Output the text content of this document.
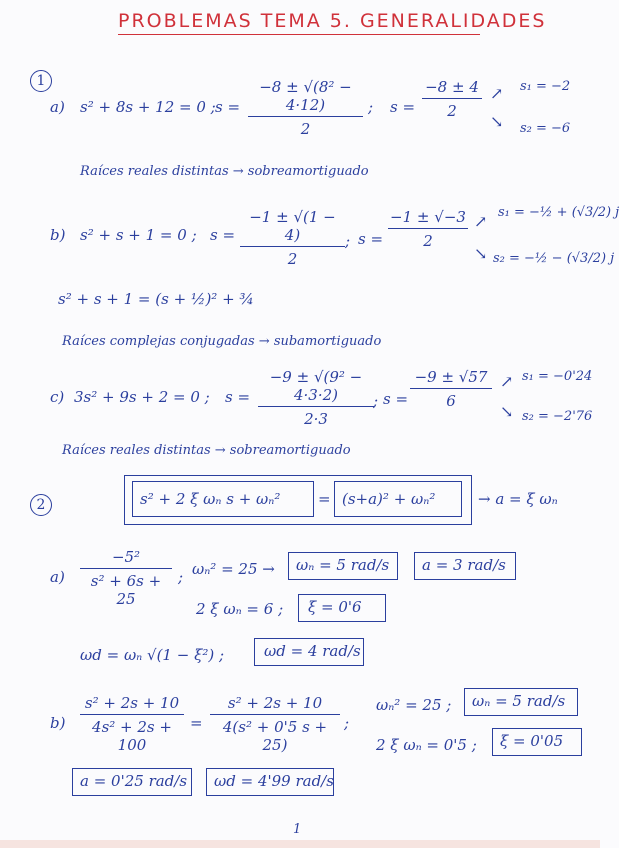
PROBLEMAS TEMA 5. GENERALIDADES
1
a) s² + 8s + 12 = 0 ; s =
−8 ± √(8² − 4·12)
2
; s =
−8 ± 4
2
↗
↘
s₁ = −2
s₂ = −6
Raíces reales distintas → sobreamortiguado
b) s² + s + 1 = 0 ; s =
−1 ± √(1 − 4)
2
; s =
−1 ± √−3
2
↗
↘
s₁ = −½ + (√3/2) j
s₂ = −½ − (√3/2) j
s² + s + 1 = (s + ½)² + ¾
Raíces complejas conjugadas → subamortiguado
c) 3s² + 9s + 2 = 0 ; s =
−9 ± √(9² − 4·3·2)
2·3
; s =
−9 ± √57
6
↗
↘
s₁ = −0'24
s₂ = −2'76
Raíces reales distintas → sobreamortiguado
2	s² + 2 ξ ωₙ s + ωₙ²	= (s+a)² + ωₙ²	→ a = ξ ωₙ
a)
−5²
s² + 6s + 25
; ωₙ² = 25 → ωₙ = 5 rad/s a = 3 rad/s
2 ξ ωₙ = 6 ; ξ = 0'6
ωd = ωₙ √(1 − ξ²) ;	ωd = 4 rad/s
b)
s² + 2s + 10
4s² + 2s + 100
=
s² + 2s + 10
4(s² + 0'5 s + 25)
;
ωₙ² = 25 ; ωₙ = 5 rad/s
2 ξ ωₙ = 0'5 ; ξ = 0'05
a = 0'25 rad/s ωd = 4'99 rad/s
1
